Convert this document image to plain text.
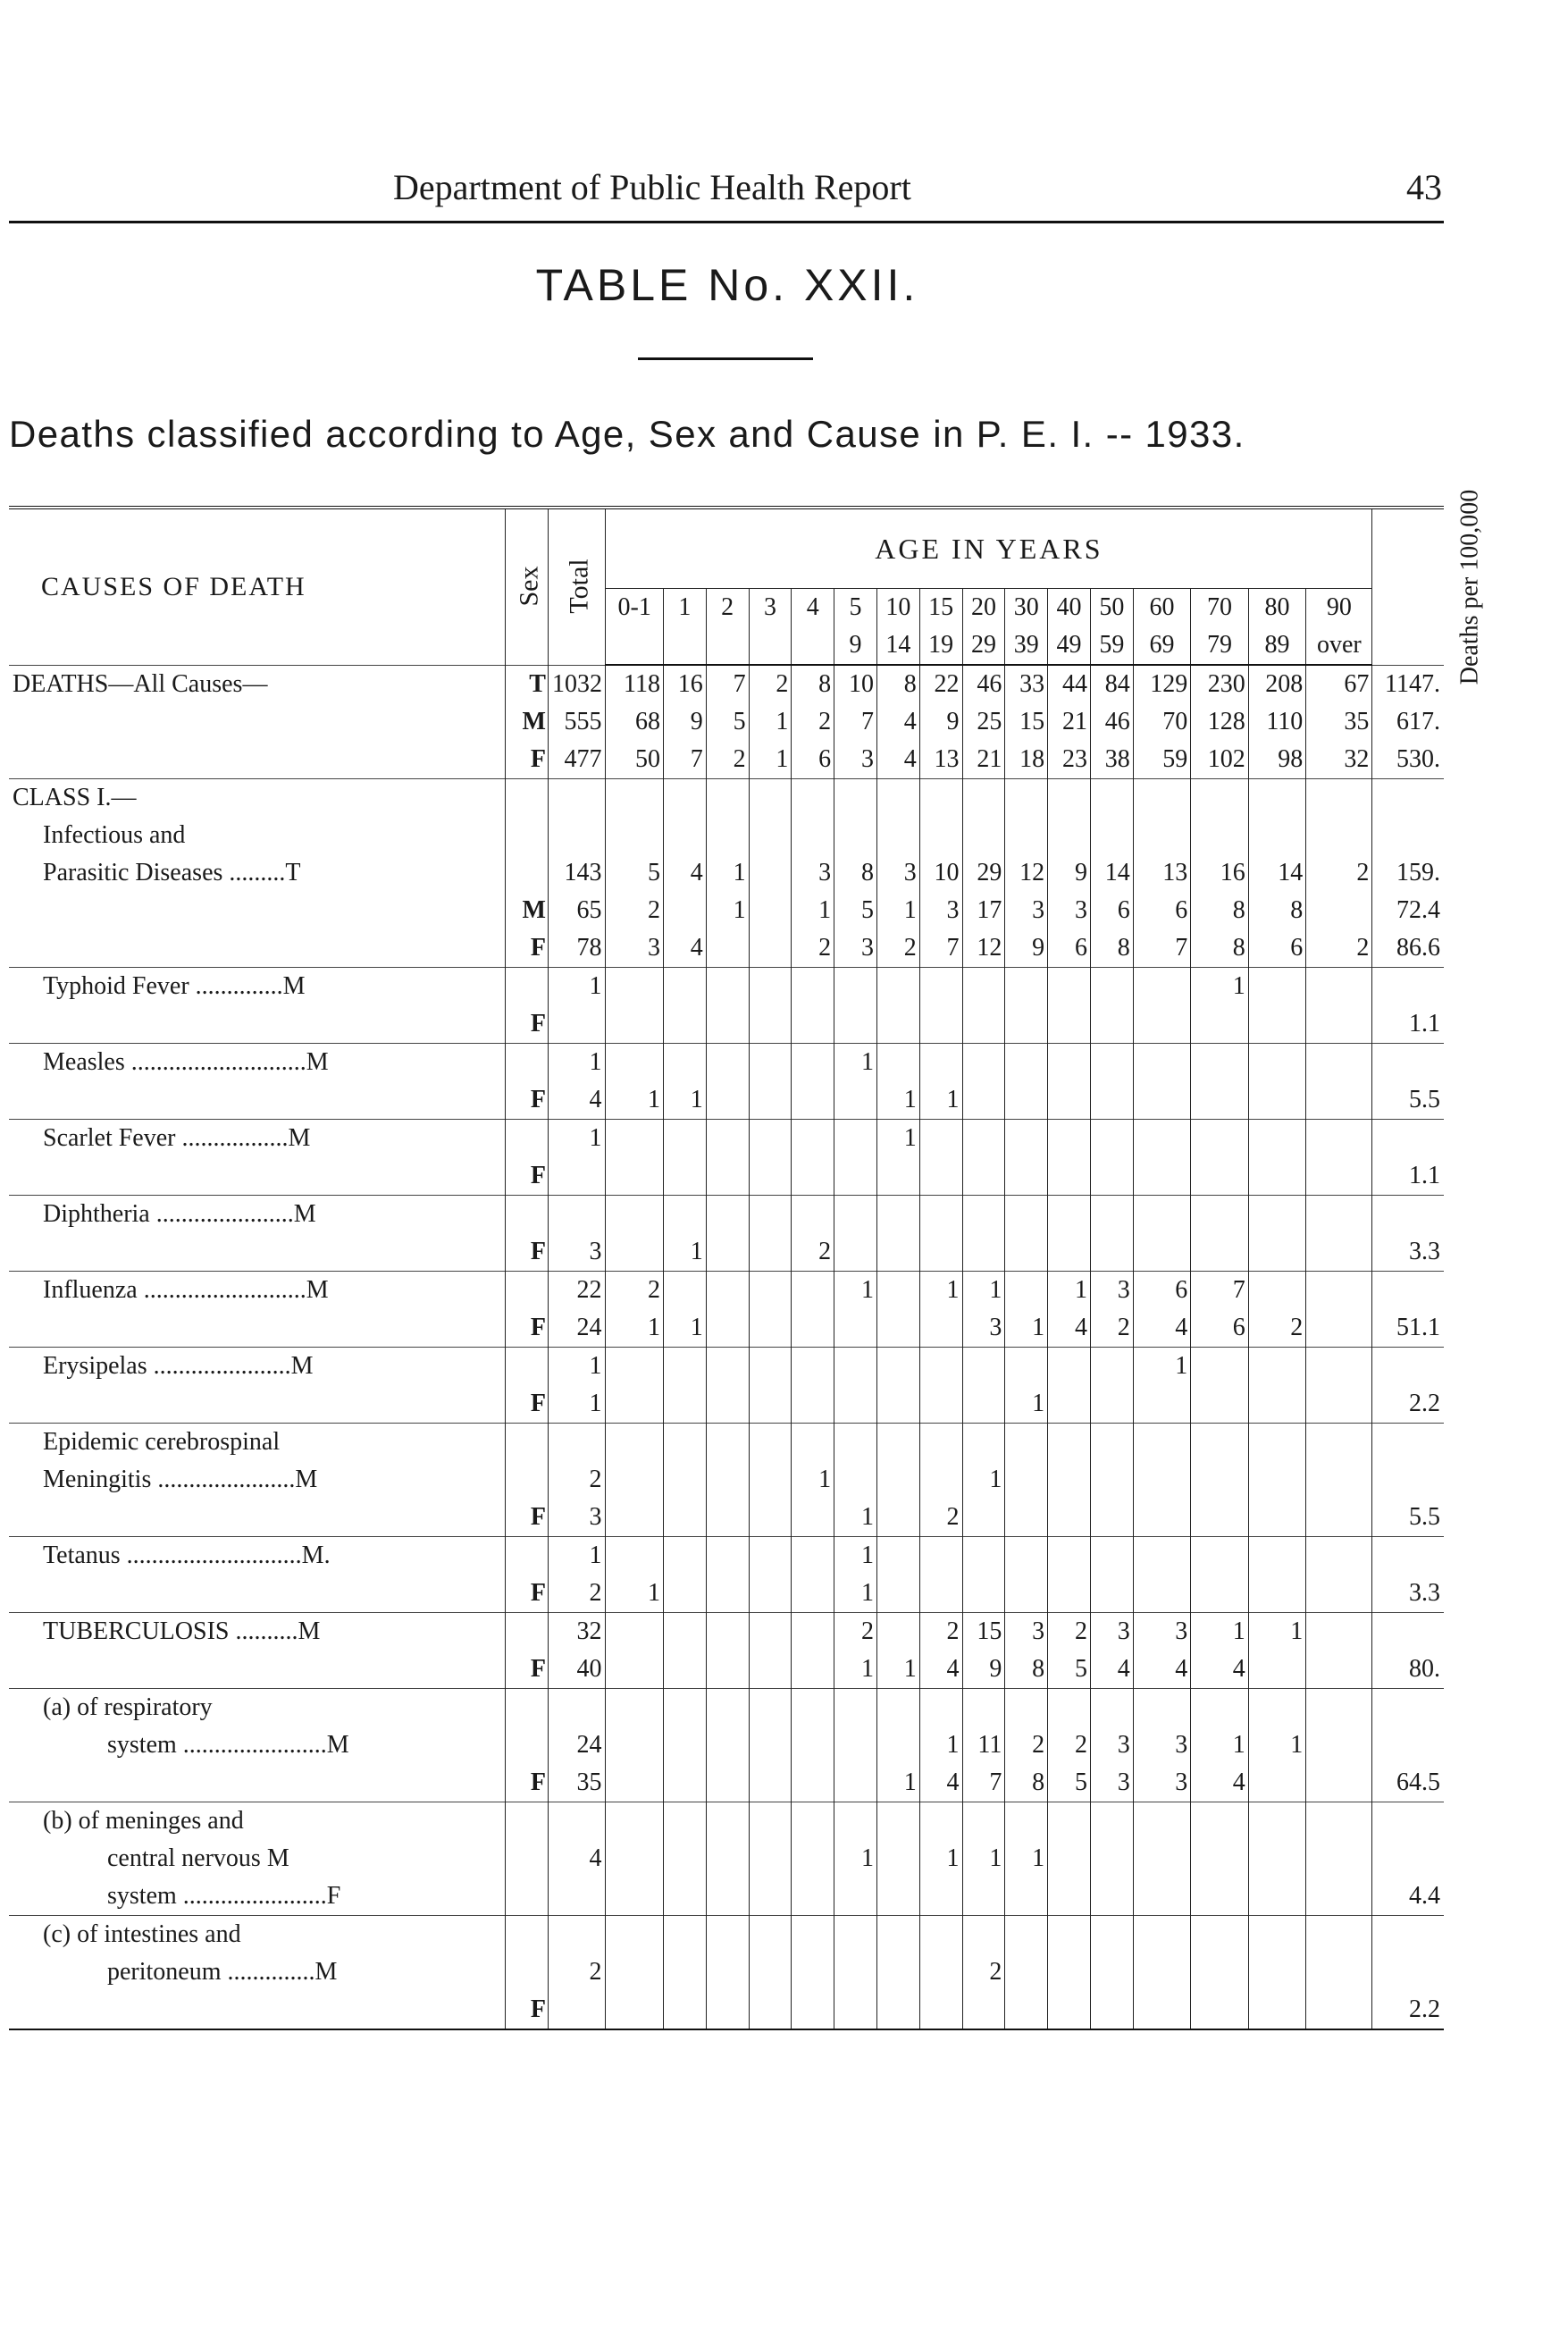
Department of Public Health Report	43
TABLE No. XXII.
Deaths classified according to Age, Sex and Cause in P. E. I. -- 1933.
CAUSES OF DEATH	Sex	Total	AGE IN YEARS																Deaths per 100,000
			0-1	1	2	3	4	5	10	15	20	30	40	50	60	70	80	90	
								9	14	19	29	39	49	59	69	79	89	over	
DEATHS—All Causes—	T	1032	118	16	7	2	8	10	8	22	46	33	44	84	129	230	208	67	1147.
	M	555	68	9	5	1	2	7	4	9	25	15	21	46	70	128	110	35	617.
	F	477	50	7	2	1	6	3	4	13	21	18	23	38	59	102	98	32	530.
CLASS I.—																			
Infectious and																			
Parasitic Diseases .........T		143	5	4	1		3	8	3	10	29	12	9	14	13	16	14	2	159.
	M	65	2		1		1	5	1	3	17	3	3	6	6	8	8		72.4
	F	78	3	4			2	3	2	7	12	9	6	8	7	8	6	2	86.6
Typhoid Fever ..............M		1														1			
	F																		1.1
Measles ............................M		1						1											
	F	4	1	1					1	1									5.5
Scarlet Fever .................M		1							1										
	F																		1.1
Diphtheria ......................M																			
	F	3		1			2												3.3
Influenza ..........................M		22	2					1		1	1		1	3	6	7			
	F	24	1	1							3	1	4	2	4	6	2		51.1
Erysipelas ......................M		1													1				
	F	1										1							2.2
Epidemic cerebrospinal																			
Meningitis ......................M		2					1				1								
	F	3						1		2									5.5
Tetanus ............................M.		1						1											
	F	2	1					1											3.3
TUBERCULOSIS ..........M		32						2		2	15	3	2	3	3	1	1		
	F	40						1	1	4	9	8	5	4	4	4			80.
(a) of respiratory																			
system .......................M		24								1	11	2	2	3	3	1	1		
	F	35							1	4	7	8	5	3	3	4			64.5
(b) of meninges and																			
central nervous M		4						1		1	1	1							
system .......................F																			4.4
(c) of intestines and																			
peritoneum ..............M		2									2								
	F																		2.2
